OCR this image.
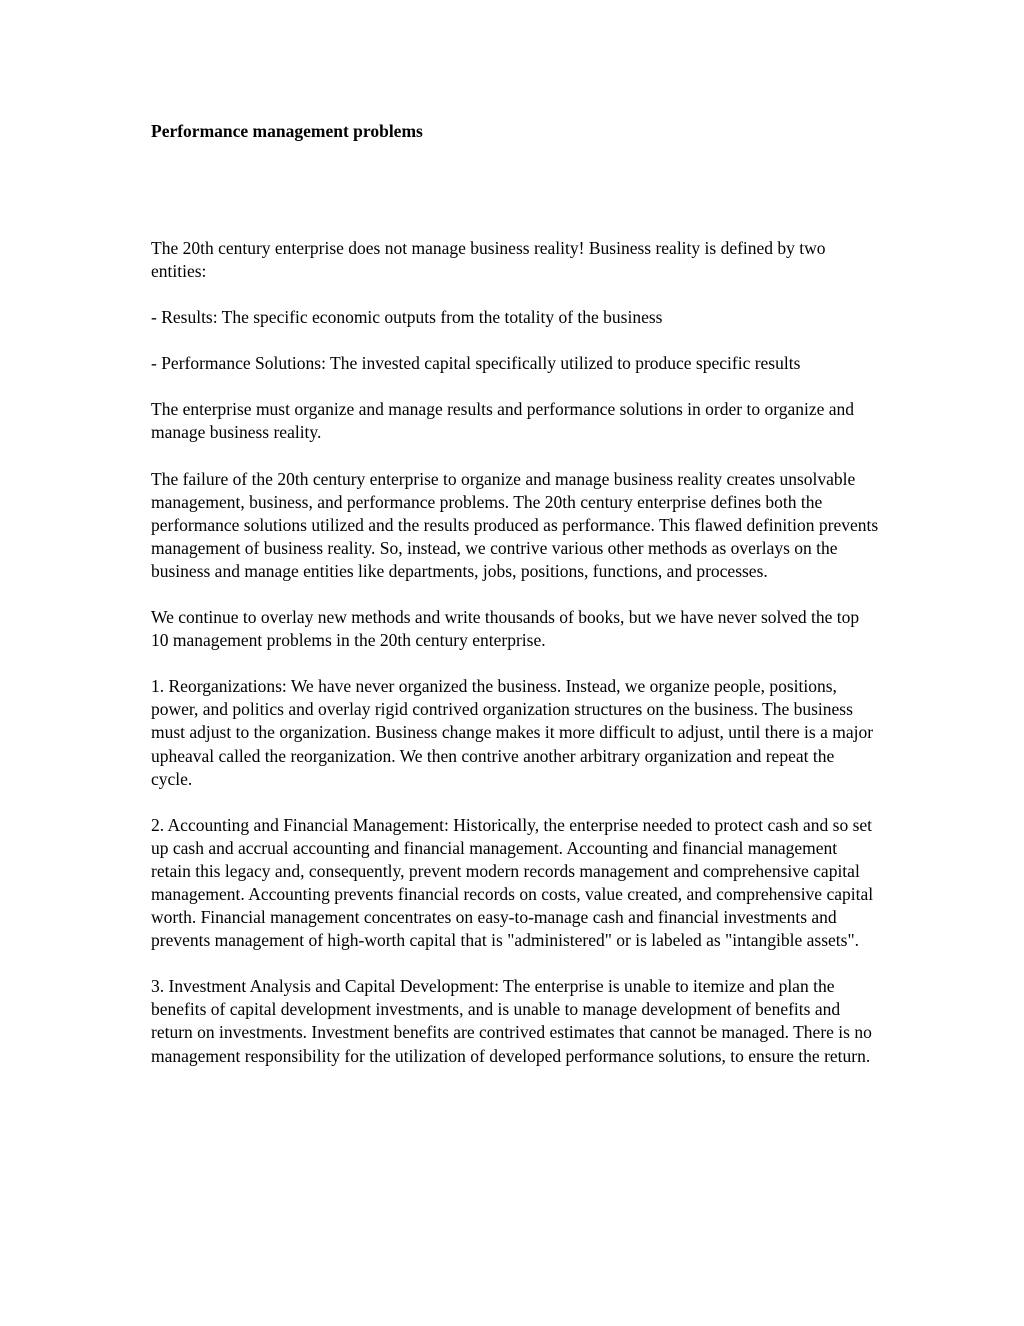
Performance management problems

The 20th century enterprise does not manage business reality! Business reality is defined by two entities:

- Results: The specific economic outputs from the totality of the business

- Performance Solutions: The invested capital specifically utilized to produce specific results

The enterprise must organize and manage results and performance solutions in order to organize and manage business reality.

The failure of the 20th century enterprise to organize and manage business reality creates unsolvable management, business, and performance problems. The 20th century enterprise defines both the performance solutions utilized and the results produced as performance. This flawed definition prevents management of business reality. So, instead, we contrive various other methods as overlays on the business and manage entities like departments, jobs, positions, functions, and processes.

We continue to overlay new methods and write thousands of books, but we have never solved the top 10 management problems in the 20th century enterprise.

1. Reorganizations: We have never organized the business. Instead, we organize people, positions, power, and politics and overlay rigid contrived organization structures on the business. The business must adjust to the organization. Business change makes it more difficult to adjust, until there is a major upheaval called the reorganization. We then contrive another arbitrary organization and repeat the cycle.

2. Accounting and Financial Management: Historically, the enterprise needed to protect cash and so set up cash and accrual accounting and financial management. Accounting and financial management retain this legacy and, consequently, prevent modern records management and comprehensive capital management. Accounting prevents financial records on costs, value created, and comprehensive capital worth. Financial management concentrates on easy-to-manage cash and financial investments and prevents management of high-worth capital that is "administered" or is labeled as "intangible assets".

3. Investment Analysis and Capital Development: The enterprise is unable to itemize and plan the benefits of capital development investments, and is unable to manage development of benefits and return on investments. Investment benefits are contrived estimates that cannot be managed. There is no management responsibility for the utilization of developed performance solutions, to ensure the return.
